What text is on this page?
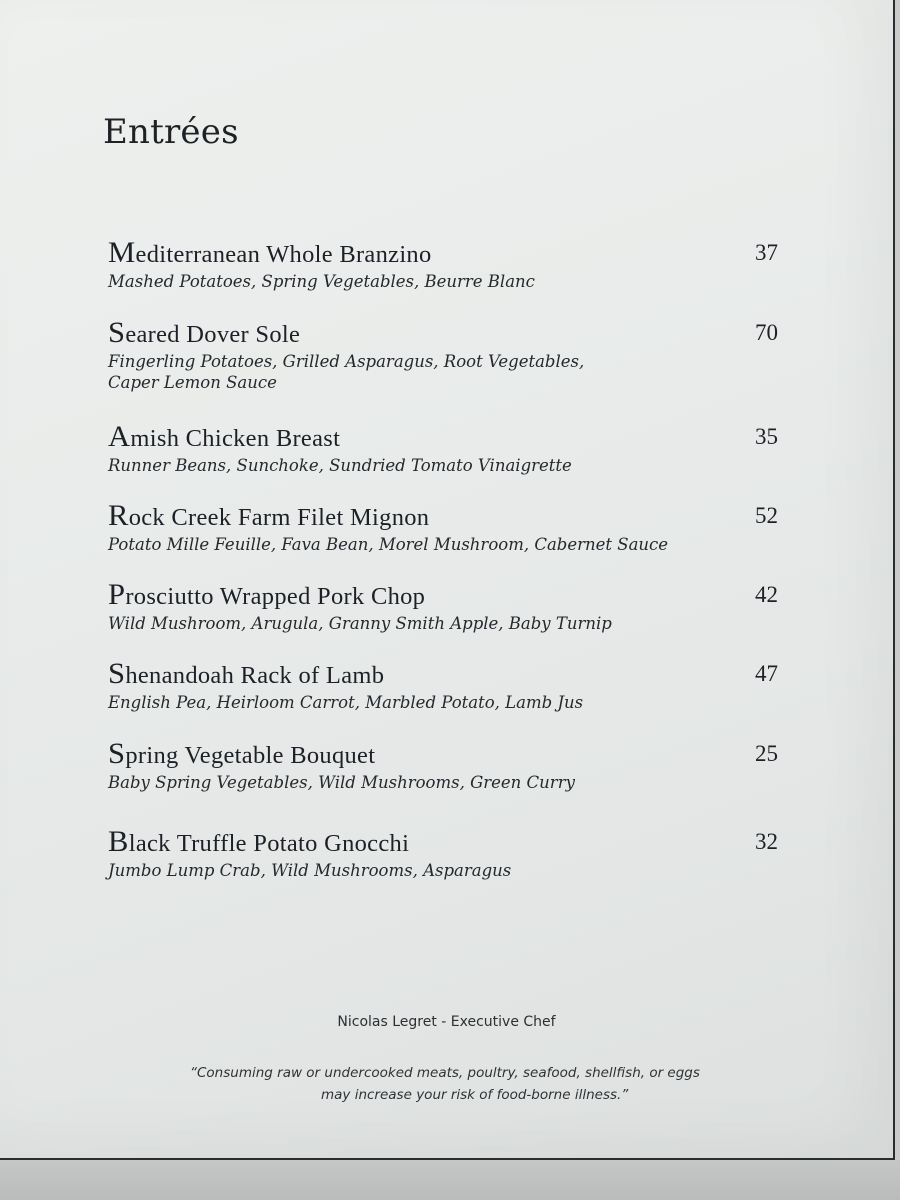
Entrées
Mediterranean Whole Branzino	37
Mashed Potatoes, Spring Vegetables, Beurre Blanc
Seared Dover Sole	70
Fingerling Potatoes, Grilled Asparagus, Root Vegetables,
Caper Lemon Sauce
Amish Chicken Breast	35
Runner Beans, Sunchoke, Sundried Tomato Vinaigrette
Rock Creek Farm Filet Mignon	52
Potato Mille Feuille, Fava Bean, Morel Mushroom, Cabernet Sauce
Prosciutto Wrapped Pork Chop	42
Wild Mushroom, Arugula, Granny Smith Apple, Baby Turnip
Shenandoah Rack of Lamb	47
English Pea, Heirloom Carrot, Marbled Potato, Lamb Jus
Spring Vegetable Bouquet	25
Baby Spring Vegetables, Wild Mushrooms, Green Curry
Black Truffle Potato Gnocchi	32
Jumbo Lump Crab, Wild Mushrooms, Asparagus
Nicolas Legret - Executive Chef
“Consuming raw or undercooked meats, poultry, seafood, shellfish, or eggs
may increase your risk of food-borne illness.”
